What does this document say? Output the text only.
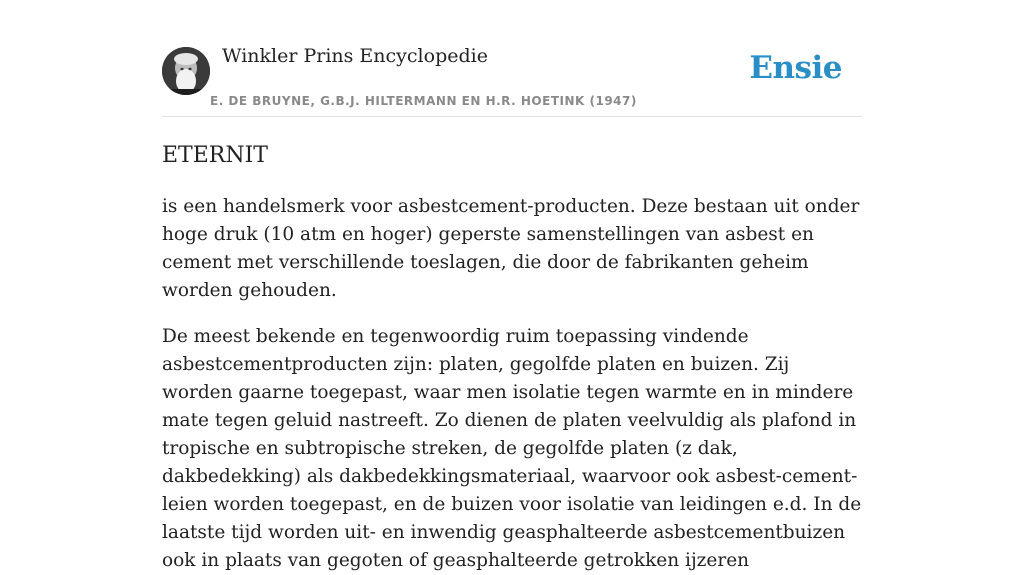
Winkler Prins Encyclopedie
E. DE BRUYNE, G.B.J. HILTERMANN EN H.R. HOETINK (1947)
Ensie
ETERNIT

is een handelsmerk voor asbestcement-producten. Deze bestaan uit onder hoge druk (10 atm en hoger) geperste samenstellingen van asbest en cement met verschillende toeslagen, die door de fabrikanten geheim worden gehouden.

De meest bekende en tegenwoordig ruim toepassing vindende asbestcementproducten zijn: platen, gegolfde platen en buizen. Zij worden gaarne toegepast, waar men isolatie tegen warmte en in mindere mate tegen geluid nastreeft. Zo dienen de platen veelvuldig als plafond in tropische en subtropische streken, de gegolfde platen (z dak, dakbedekking) als dakbedekkingsmateriaal, waarvoor ook asbest-cement-leien worden toegepast, en de buizen voor isolatie van leidingen e.d. In de laatste tijd worden uit- en inwendig geasphalteerde asbestcementbuizen ook in plaats van gegoten of geasphalteerde getrokken ijzeren
